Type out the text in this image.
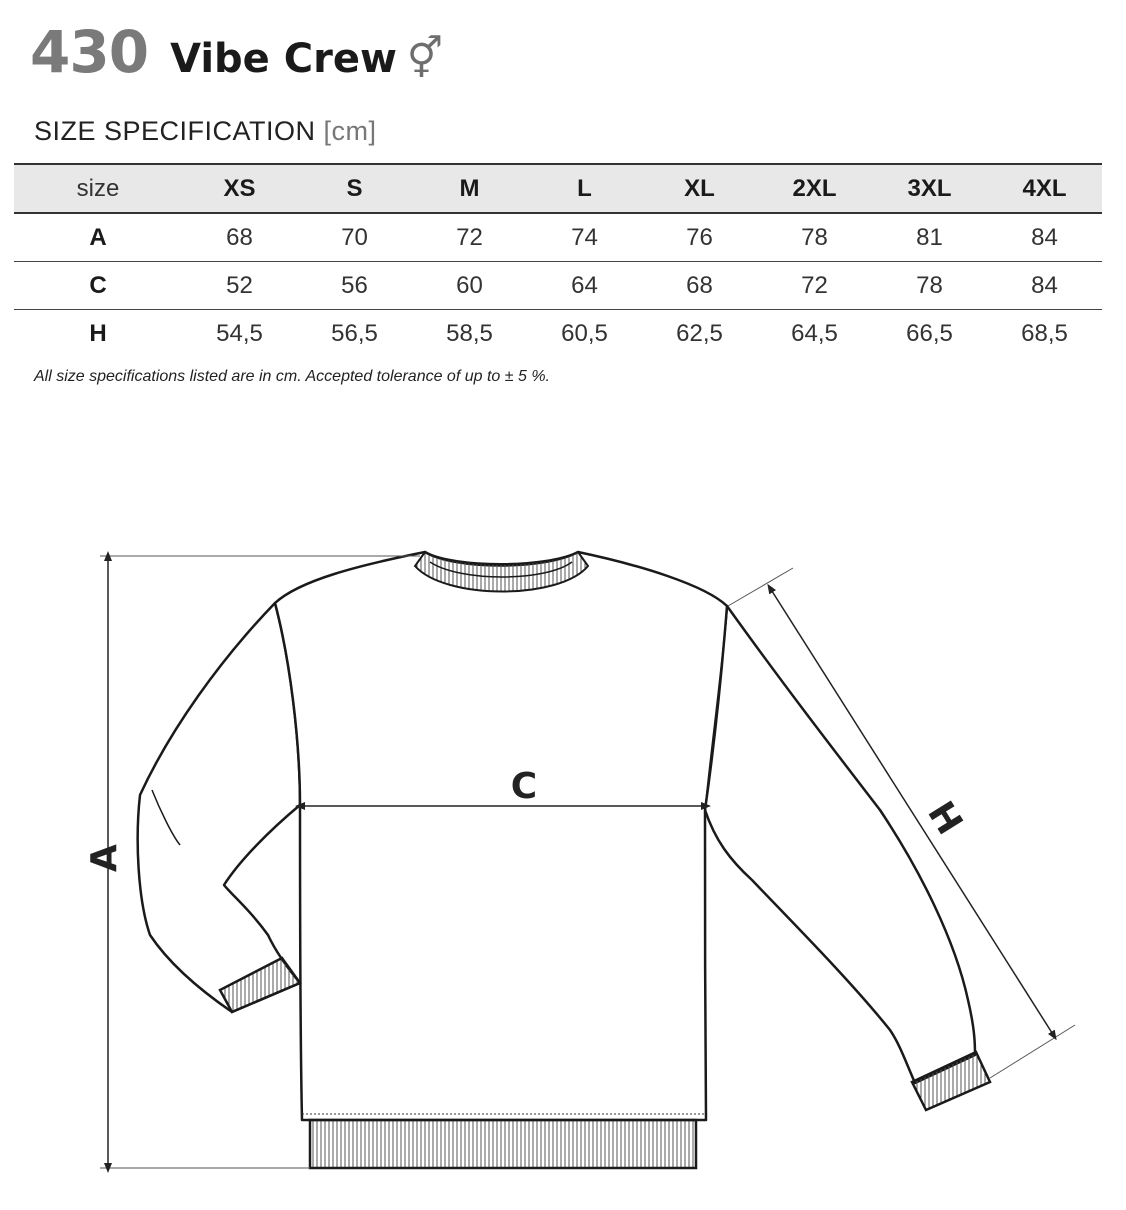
430 Vibe Crew ⚥
SIZE SPECIFICATION [cm]
size	XS	S	M	L	XL	2XL	3XL	4XL
A	68	70	72	74	76	78	81	84
C	52	56	60	64	68	72	78	84
H	54,5	56,5	58,5	60,5	62,5	64,5	66,5	68,5
All size specifications listed are in cm. Accepted tolerance of up to ± 5 %.
A
C
H
